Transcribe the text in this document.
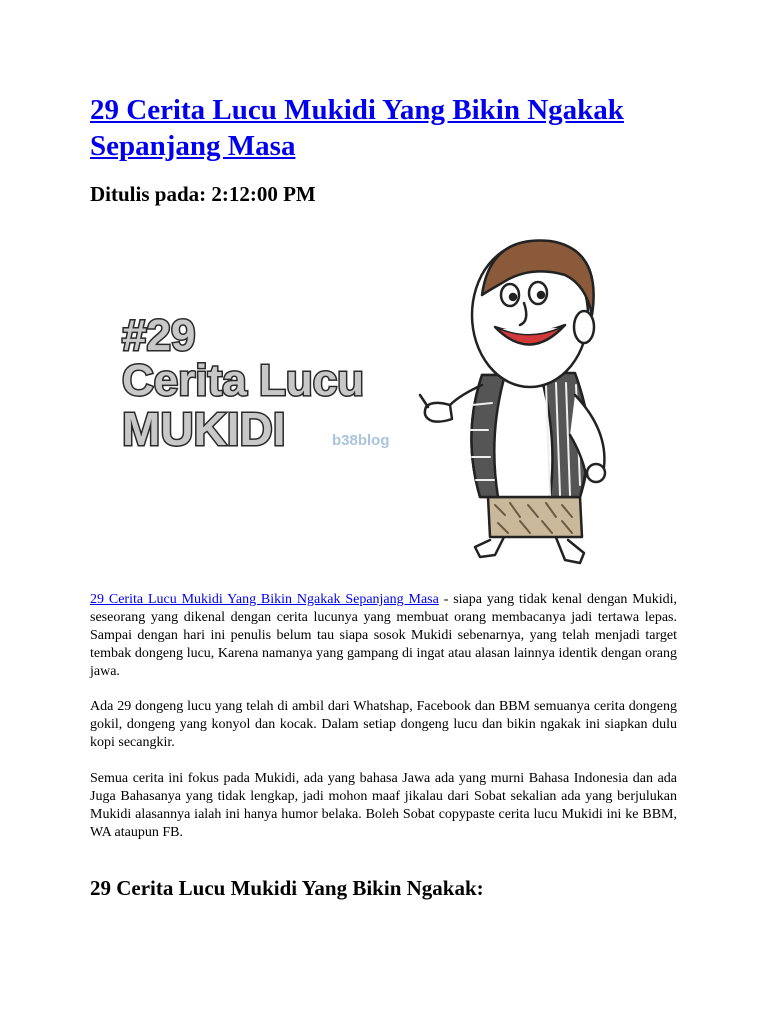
29 Cerita Lucu Mukidi Yang Bikin Ngakak Sepanjang Masa
Ditulis pada: 2:12:00 PM
#29
Cerita Lucu
MUKIDI	b38blog

29 Cerita Lucu Mukidi Yang Bikin Ngakak Sepanjang Masa - siapa yang tidak kenal dengan Mukidi, seseorang yang dikenal dengan cerita lucunya yang membuat orang membacanya jadi tertawa lepas. Sampai dengan hari ini penulis belum tau siapa sosok Mukidi sebenarnya, yang telah menjadi target tembak dongeng lucu, Karena namanya yang gampang di ingat atau alasan lainnya identik dengan orang jawa.

Ada 29 dongeng lucu yang telah di ambil dari Whatshap, Facebook dan BBM semuanya cerita dongeng gokil, dongeng yang konyol dan kocak. Dalam setiap dongeng lucu dan bikin ngakak ini siapkan dulu kopi secangkir.

Semua cerita ini fokus pada Mukidi, ada yang bahasa Jawa ada yang murni Bahasa Indonesia dan ada Juga Bahasanya yang tidak lengkap, jadi mohon maaf jikalau dari Sobat sekalian ada yang berjulukan Mukidi alasannya ialah ini hanya humor belaka. Boleh Sobat copypaste cerita lucu Mukidi ini ke BBM, WA ataupun FB.

29 Cerita Lucu Mukidi Yang Bikin Ngakak:
